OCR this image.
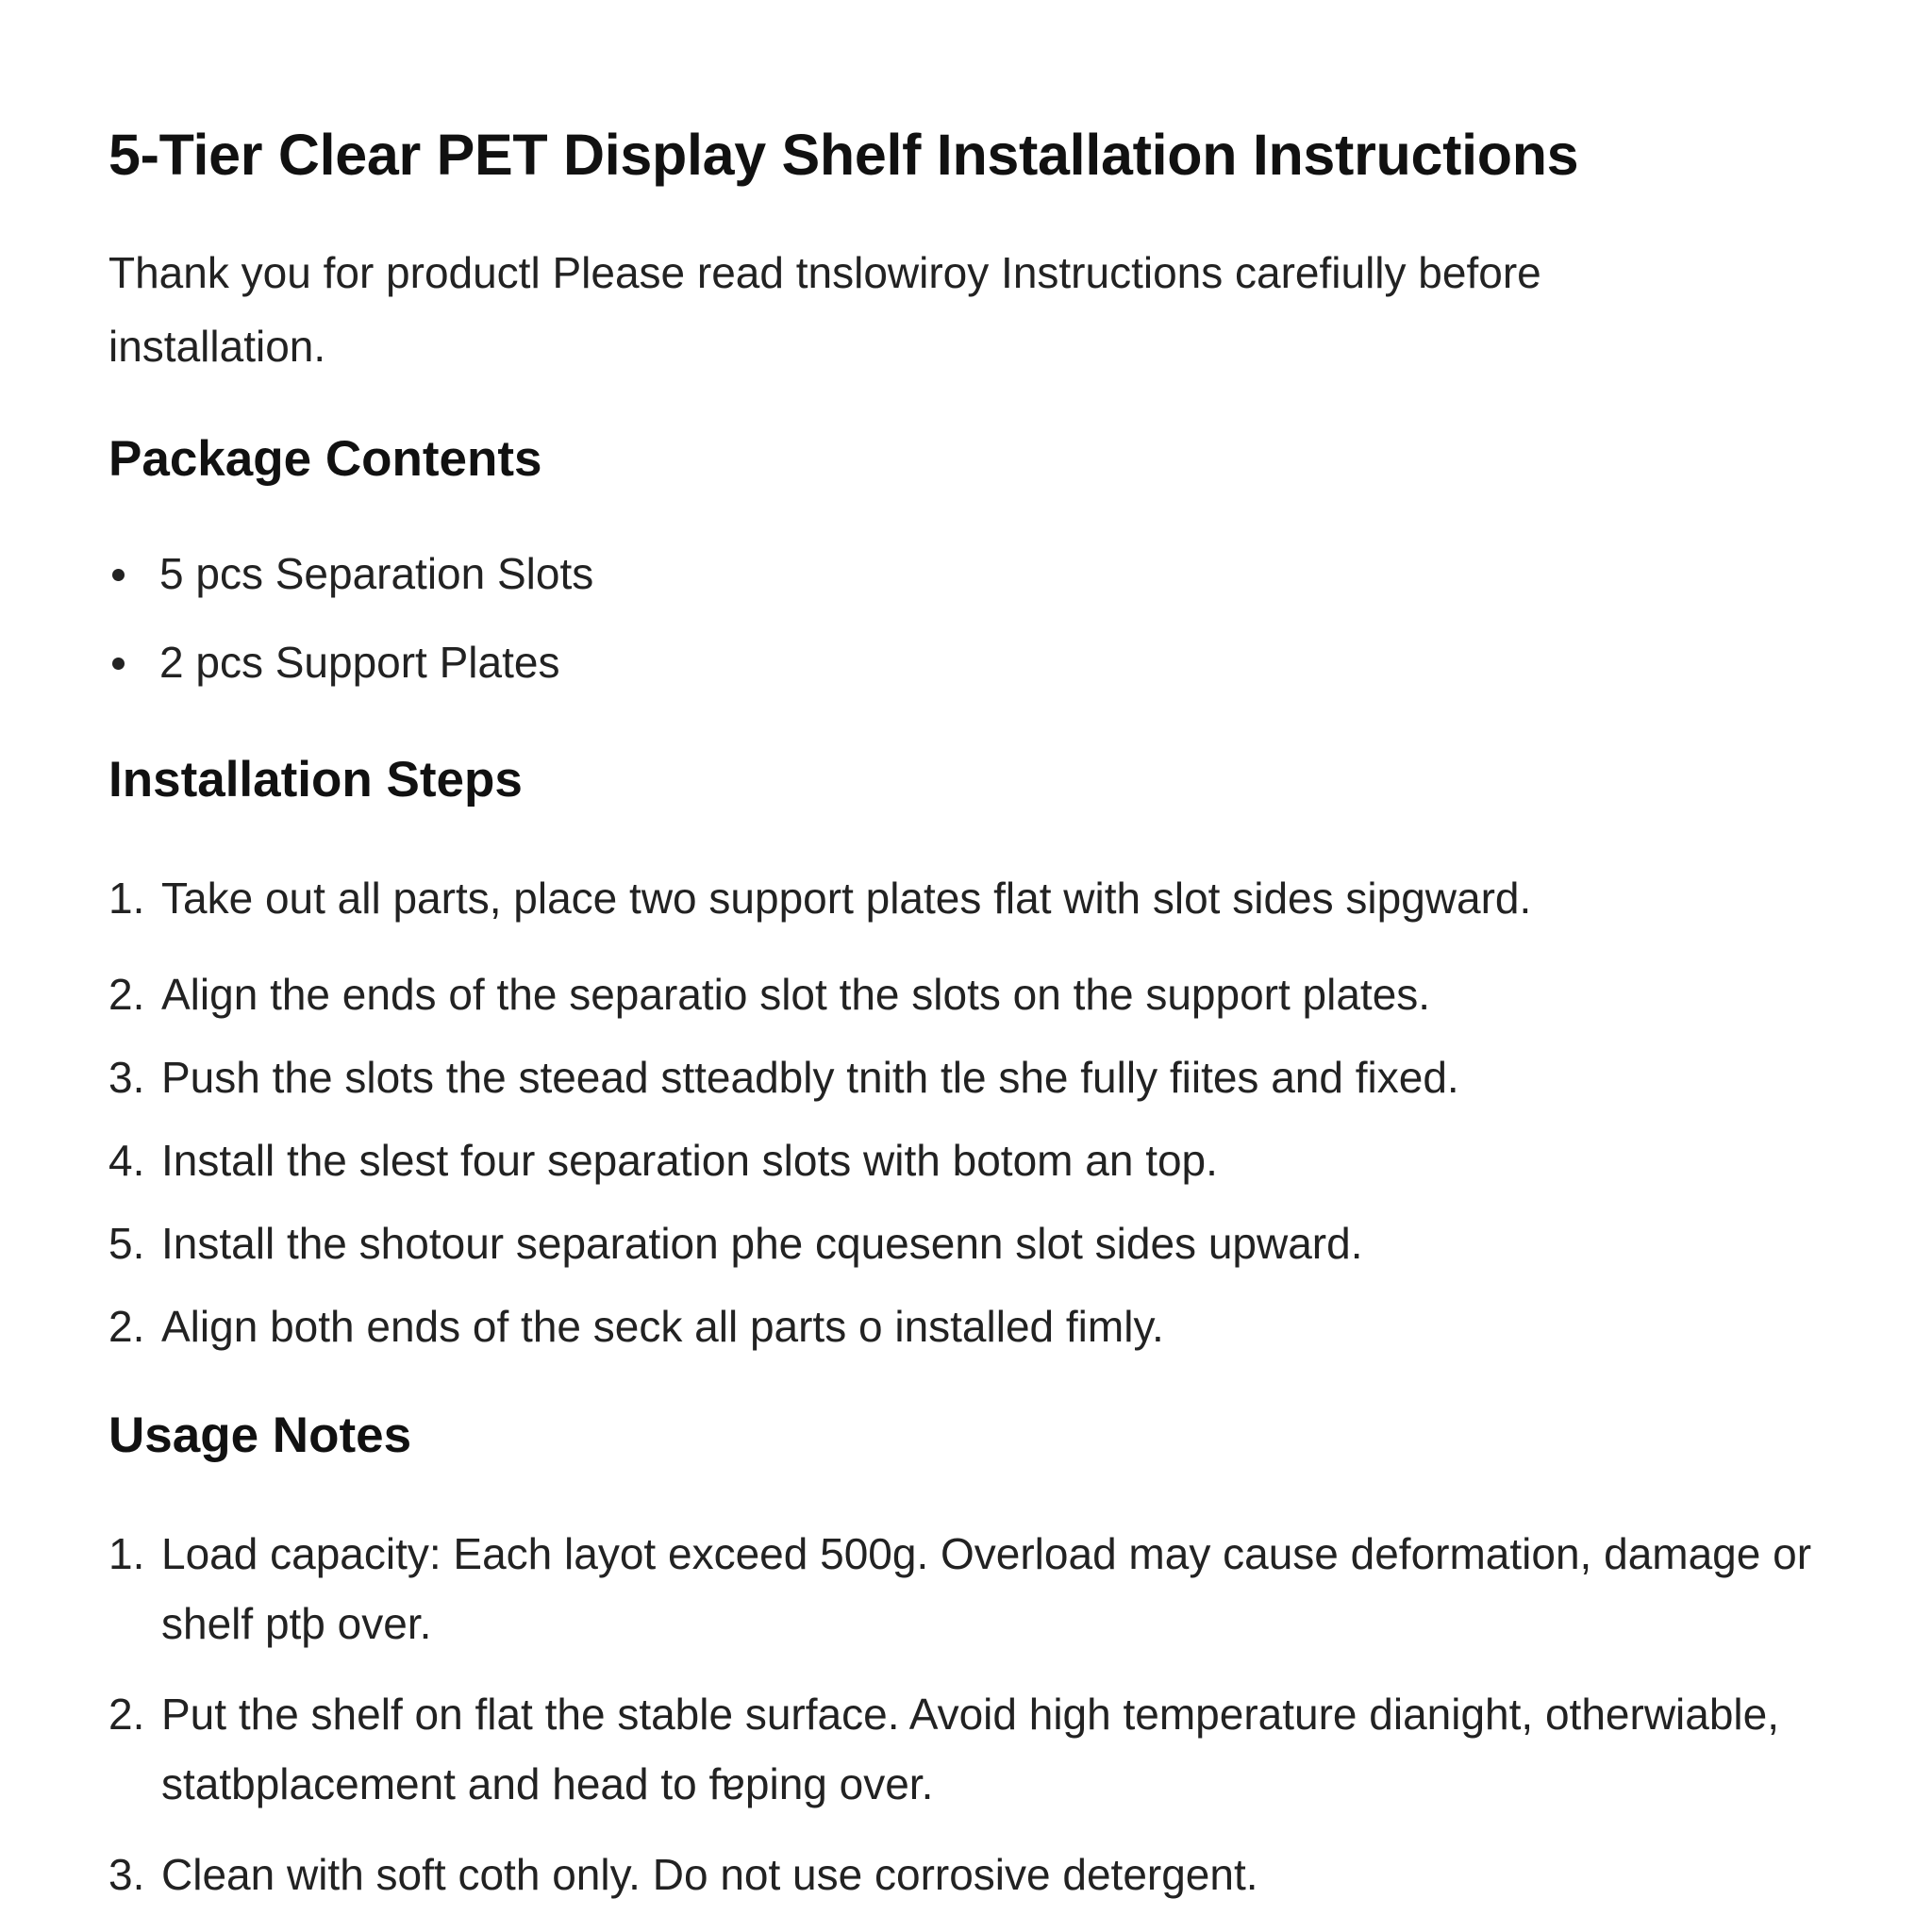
5-Tier Clear PET Display Shelf Installation Instructions

Thank you for productl Please read tnslowiroy Instructions carefiully before installation.

Package Contents
5 pcs Separation Slots
2 pcs Support Plates
Installation Steps
1. Take out all parts, place two support plates flat with slot sides sipgward.
2. Align the ends of the separatio slot the slots on the support plates.
3. Push the slots the steead stteadbly tnith tle she fully fiites and fixed.
4. Install the slest four separation slots with botom an top.
5. Install the shotour separation phe cquesenn slot sides upward.
2. Align both ends of the seck all parts o installed fimly.
Usage Notes
1. Load capacity: Each layot exceed 500g. Overload may cause deformation, damage or shelf ptþ over.
2. Put the shelf on flat the stable surface. Avoid high temperature dianight, otherwiable, statbplacement and head to fɐping over.
3. Clean with soft coth only. Do not use corrosive detergent.
